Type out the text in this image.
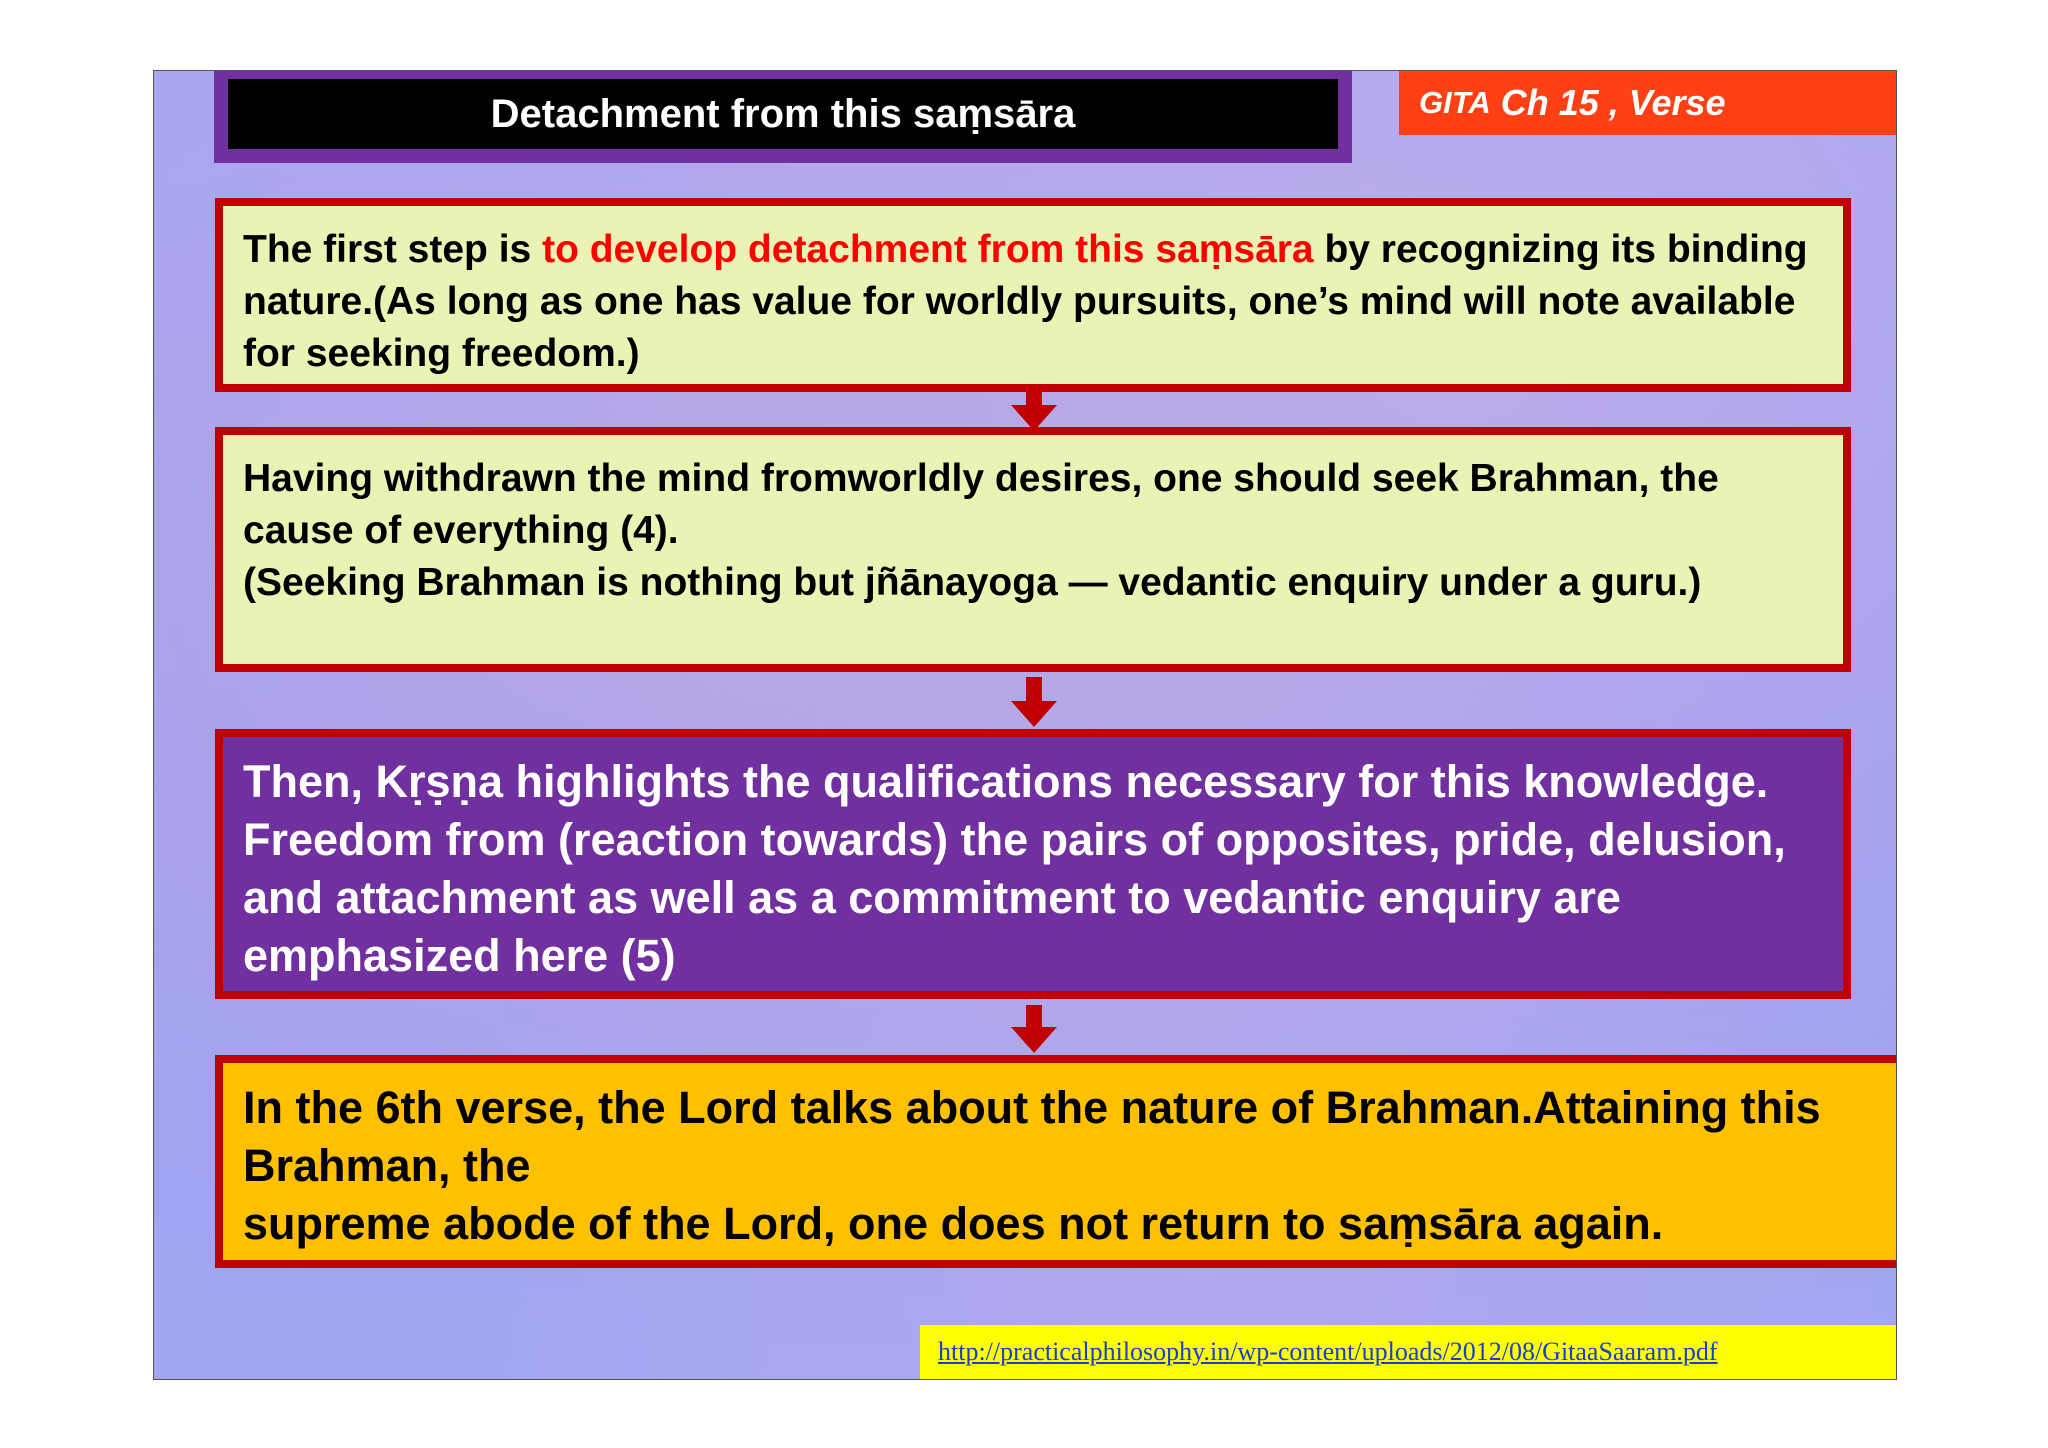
Detachment from this saṃsāra	GITA Ch 15 , Verse
The first step is to develop detachment from this saṃsāra by recognizing its binding nature.(As long as one has value for worldly pursuits, one’s mind will note available for seeking freedom.)
Having withdrawn the mind fromworldly desires, one should seek Brahman, the cause of everything (4).
(Seeking Brahman is nothing but jñānayoga — vedantic enquiry under a guru.)
Then, Kṛṣṇa highlights the qualifications necessary for this knowledge. Freedom from (reaction towards) the pairs of opposites, pride, delusion, and attachment as well as a commitment to vedantic enquiry are emphasized here (5)
In the 6th verse, the Lord talks about the nature of Brahman.Attaining this Brahman, the
supreme abode of the Lord, one does not return to saṃsāra again.
http://practicalphilosophy.in/wp-content/uploads/2012/08/GitaaSaaram.pdf
